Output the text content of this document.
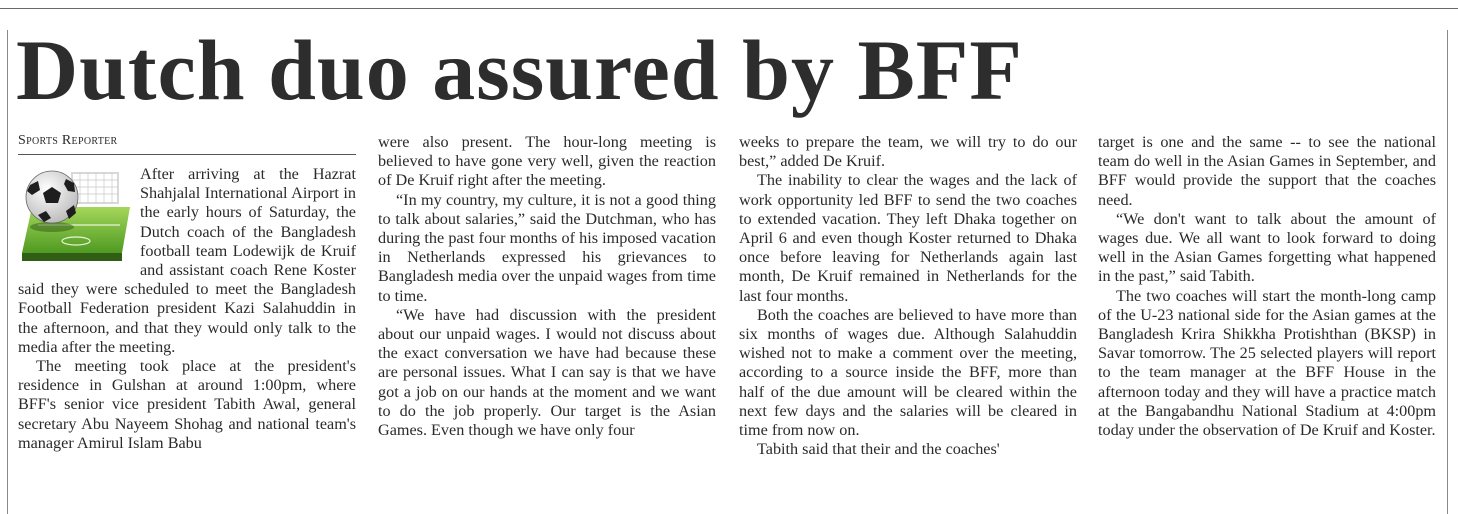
Dutch duo assured by BFF
Sports Reporter

After arriving at the Hazrat Shahjalal International Airport in the early hours of Saturday, the Dutch coach of the Bangladesh football team Lodewijk de Kruif and assistant coach Rene Koster said they were scheduled to meet the Bangladesh Football Federation president Kazi Salahuddin in the afternoon, and that they would only talk to the media after the meeting.

The meeting took place at the president's residence in Gulshan at around 1:00pm, where BFF's senior vice president Tabith Awal, general secretary Abu Nayeem Shohag and national team's manager Amirul Islam Babu

were also present. The hour-long meeting is believed to have gone very well, given the reaction of De Kruif right after the meeting.

“In my country, my culture, it is not a good thing to talk about salaries,” said the Dutchman, who has during the past four months of his imposed vacation in Netherlands expressed his grievances to Bangladesh media over the unpaid wages from time to time.

“We have had discussion with the president about our unpaid wages. I would not discuss about the exact conversation we have had because these are personal issues. What I can say is that we have got a job on our hands at the moment and we want to do the job properly. Our target is the Asian Games. Even though we have only four

weeks to prepare the team, we will try to do our best,” added De Kruif.

The inability to clear the wages and the lack of work opportunity led BFF to send the two coaches to extended vacation. They left Dhaka together on April 6 and even though Koster returned to Dhaka once before leaving for Netherlands again last month, De Kruif remained in Netherlands for the last four months.

Both the coaches are believed to have more than six months of wages due. Although Salahuddin wished not to make a comment over the meeting, according to a source inside the BFF, more than half of the due amount will be cleared within the next few days and the salaries will be cleared in time from now on.

Tabith said that their and the coaches'

target is one and the same -- to see the national team do well in the Asian Games in September, and BFF would provide the support that the coaches need.

“We don't want to talk about the amount of wages due. We all want to look forward to doing well in the Asian Games forgetting what happened in the past,” said Tabith.

The two coaches will start the month-long camp of the U-23 national side for the Asian games at the Bangladesh Krira Shikkha Protishthan (BKSP) in Savar tomorrow. The 25 selected players will report to the team manager at the BFF House in the afternoon today and they will have a practice match at the Bangabandhu National Stadium at 4:00pm today under the observation of De Kruif and Koster.
